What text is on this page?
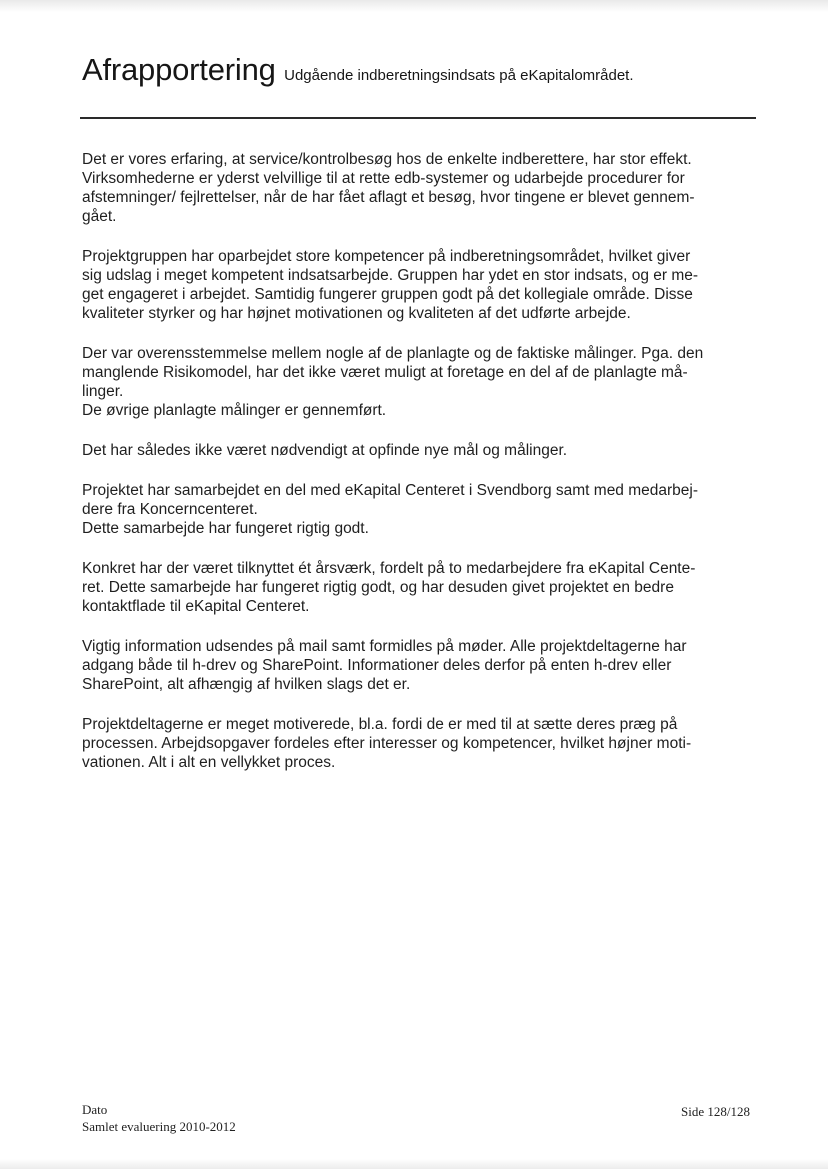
Afrapportering Udgående indberetningsindsats på eKapitalområdet.
Det er vores erfaring, at service/kontrolbesøg hos de enkelte indberettere, har stor effekt.
Virksomhederne er yderst velvillige til at rette edb-systemer og udarbejde procedurer for
afstemninger/ fejlrettelser, når de har fået aflagt et besøg, hvor tingene er blevet gennem-
gået.
Projektgruppen har oparbejdet store kompetencer på indberetningsområdet, hvilket giver
sig udslag i meget kompetent indsatsarbejde. Gruppen har ydet en stor indsats, og er me-
get engageret i arbejdet. Samtidig fungerer gruppen godt på det kollegiale område. Disse
kvaliteter styrker og har højnet motivationen og kvaliteten af det udførte arbejde.
Der var overensstemmelse mellem nogle af de planlagte og de faktiske målinger. Pga. den
manglende Risikomodel, har det ikke været muligt at foretage en del af de planlagte må-
linger.
De øvrige planlagte målinger er gennemført.
Det har således ikke været nødvendigt at opfinde nye mål og målinger.
Projektet har samarbejdet en del med eKapital Centeret i Svendborg samt med medarbej-
dere fra Koncerncenteret.
Dette samarbejde har fungeret rigtig godt.
Konkret har der været tilknyttet ét årsværk, fordelt på to medarbejdere fra eKapital Cente-
ret. Dette samarbejde har fungeret rigtig godt, og har desuden givet projektet en bedre
kontaktflade til eKapital Centeret.
Vigtig information udsendes på mail samt formidles på møder. Alle projektdeltagerne har
adgang både til h-drev og SharePoint. Informationer deles derfor på enten h-drev eller
SharePoint, alt afhængig af hvilken slags det er.
Projektdeltagerne er meget motiverede, bl.a. fordi de er med til at sætte deres præg på
processen. Arbejdsopgaver fordeles efter interesser og kompetencer, hvilket højner moti-
vationen. Alt i alt en vellykket proces.
Dato
Samlet evaluering 2010-2012
Side 128/128
